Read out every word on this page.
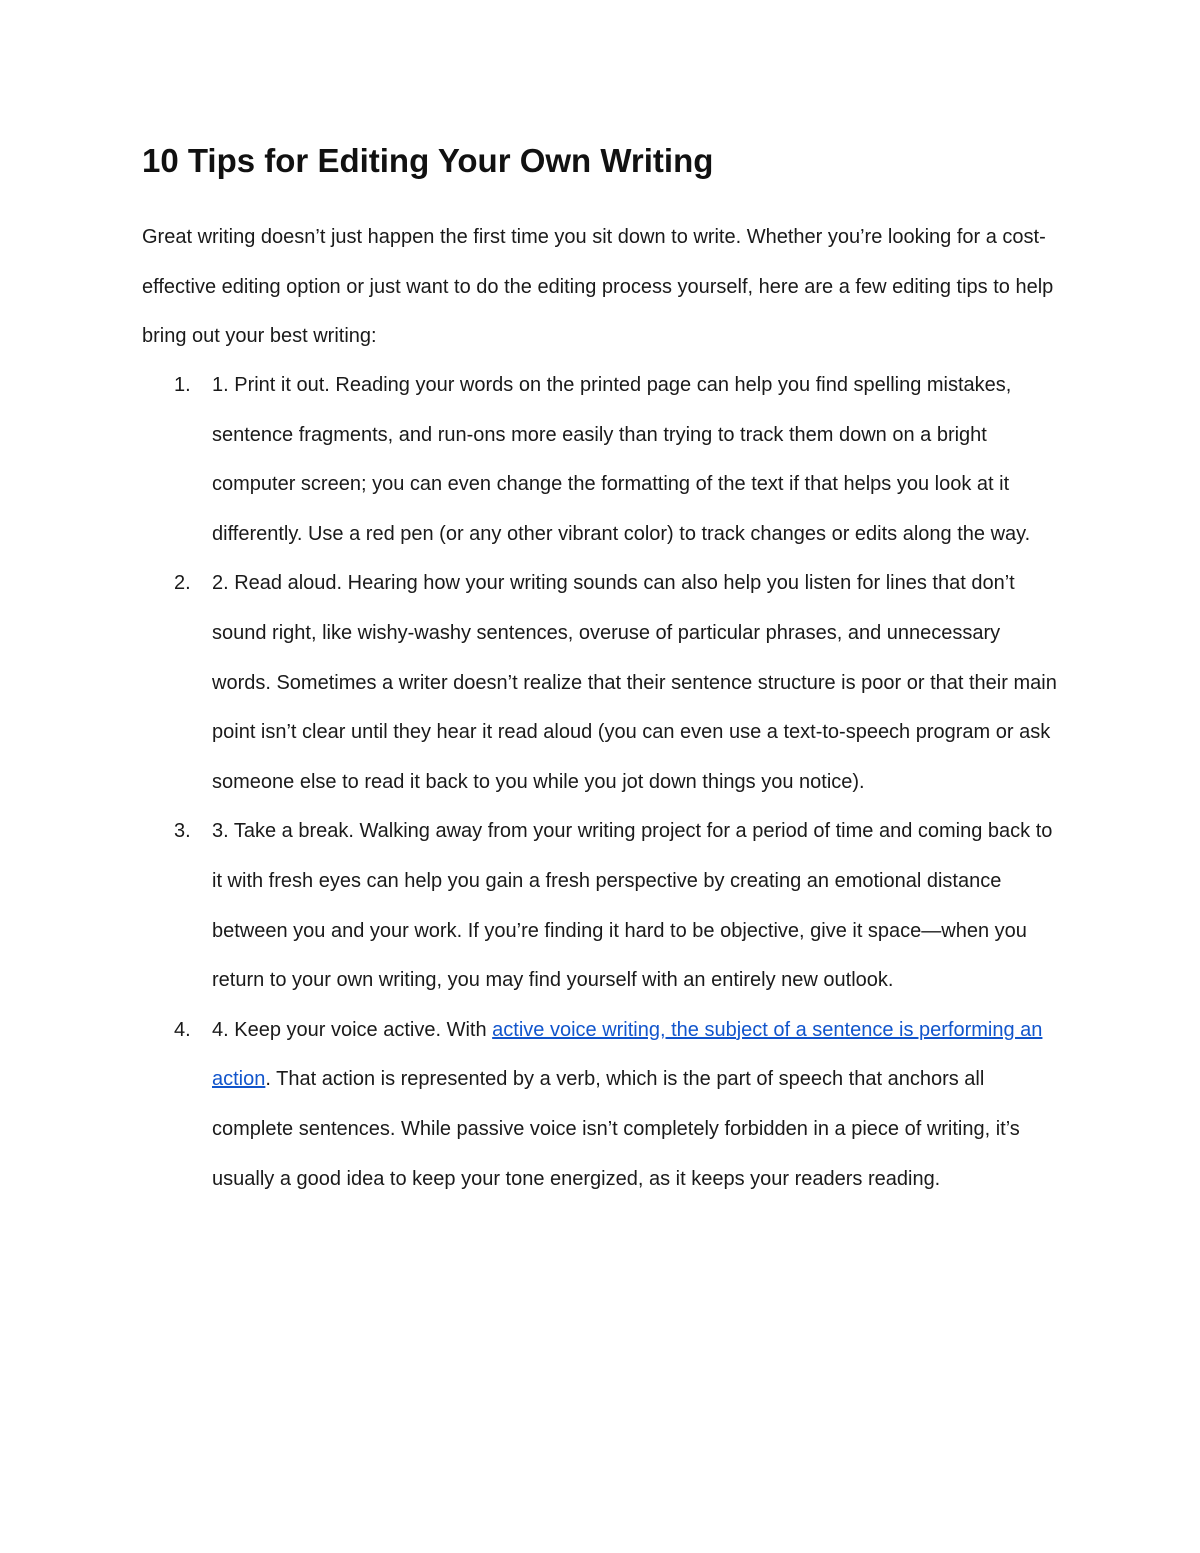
10 Tips for Editing Your Own Writing

Great writing doesn’t just happen the first time you sit down to write. Whether you’re looking for a cost-effective editing option or just want to do the editing process yourself, here are a few editing tips to help bring out your best writing:

1.	1. Print it out. Reading your words on the printed page can help you find spelling mistakes, sentence fragments, and run-ons more easily than trying to track them down on a bright computer screen; you can even change the formatting of the text if that helps you look at it differently. Use a red pen (or any other vibrant color) to track changes or edits along the way.
2.	2. Read aloud. Hearing how your writing sounds can also help you listen for lines that don’t sound right, like wishy-washy sentences, overuse of particular phrases, and unnecessary words. Sometimes a writer doesn’t realize that their sentence structure is poor or that their main point isn’t clear until they hear it read aloud (you can even use a text-to-speech program or ask someone else to read it back to you while you jot down things you notice).
3.	3. Take a break. Walking away from your writing project for a period of time and coming back to it with fresh eyes can help you gain a fresh perspective by creating an emotional distance between you and your work. If you’re finding it hard to be objective, give it space—when you return to your own writing, you may find yourself with an entirely new outlook.
4.	4. Keep your voice active. With active voice writing, the subject of a sentence is performing an action. That action is represented by a verb, which is the part of speech that anchors all complete sentences. While passive voice isn’t completely forbidden in a piece of writing, it’s usually a good idea to keep your tone energized, as it keeps your readers reading.
